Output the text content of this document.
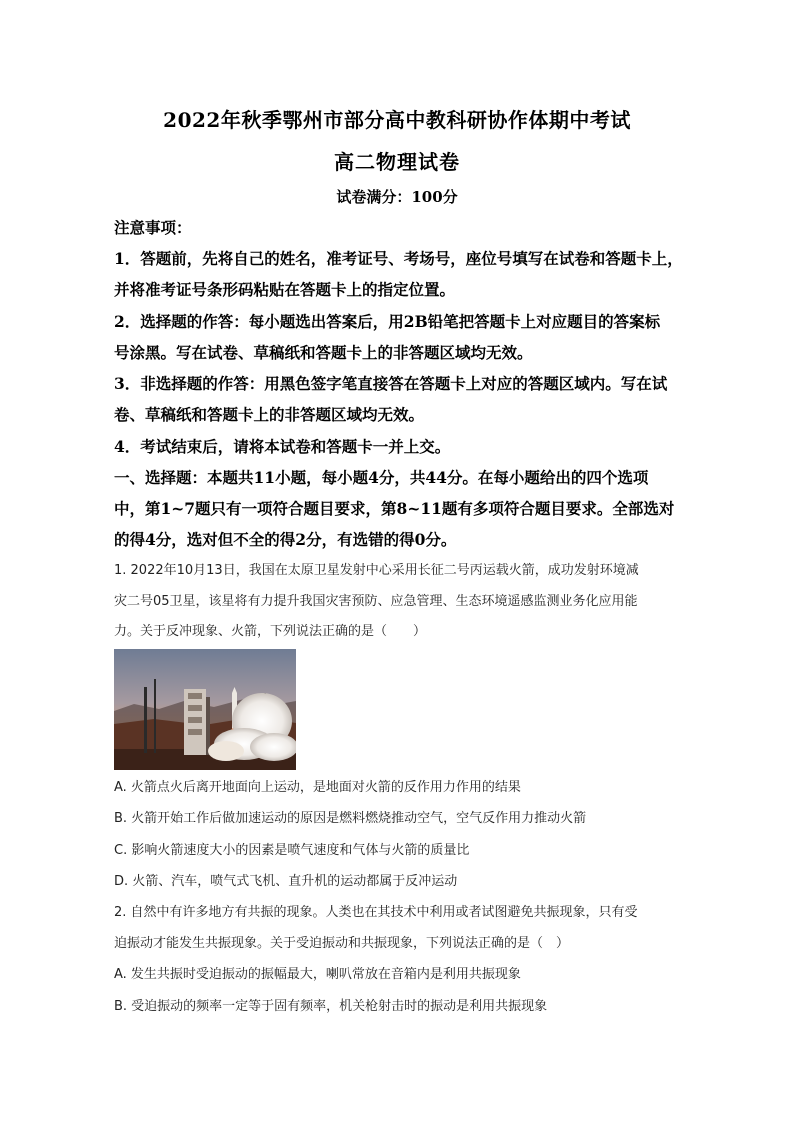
2022年秋季鄂州市部分高中教科研协作体期中考试
高二物理试卷
试卷满分：100分
注意事项：
1．答题前，先将自己的姓名，准考证号、考场号，座位号填写在试卷和答题卡上，
并将准考证号条形码粘贴在答题卡上的指定位置。
2．选择题的作答：每小题选出答案后，用2B铅笔把答题卡上对应题目的答案标
号涂黑。写在试卷、草稿纸和答题卡上的非答题区域均无效。
3．非选择题的作答：用黑色签字笔直接答在答题卡上对应的答题区域内。写在试
卷、草稿纸和答题卡上的非答题区域均无效。
4．考试结束后，请将本试卷和答题卡一并上交。
一、选择题：本题共11小题，每小题4分，共44分。在每小题给出的四个选项
中，第1~7题只有一项符合题目要求，第8~11题有多项符合题目要求。全部选对
的得4分，选对但不全的得2分，有选错的得0分。
1. 2022年10月13日，我国在太原卫星发射中心采用长征二号丙运载火箭，成功发射环境减
灾二号05卫星，该星将有力提升我国灾害预防、应急管理、生态环境遥感监测业务化应用能
力。关于反冲现象、火箭，下列说法正确的是（　　）
A. 火箭点火后离开地面向上运动，是地面对火箭的反作用力作用的结果
B. 火箭开始工作后做加速运动的原因是燃料燃烧推动空气，空气反作用力推动火箭
C. 影响火箭速度大小的因素是喷气速度和气体与火箭的质量比
D. 火箭、汽车，喷气式飞机、直升机的运动都属于反冲运动
2. 自然中有许多地方有共振的现象。人类也在其技术中利用或者试图避免共振现象，只有受
迫振动才能发生共振现象。关于受迫振动和共振现象，下列说法正确的是（　）
A. 发生共振时受迫振动的振幅最大，喇叭常放在音箱内是利用共振现象
B. 受迫振动的频率一定等于固有频率，机关枪射击时的振动是利用共振现象
